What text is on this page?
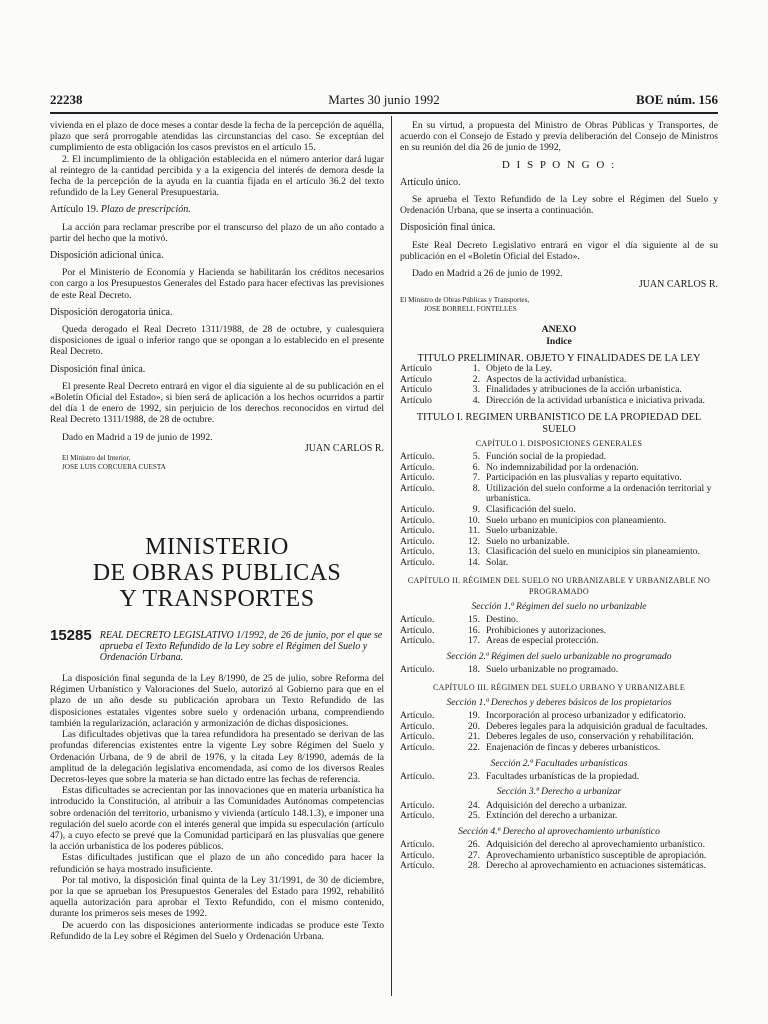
22238	Martes 30 junio 1992	BOE núm. 156

vivienda en el plazo de doce meses a contar desde la fecha de la percepción de aquélla, plazo que será prorrogable atendidas las circunstancias del caso. Se exceptúan del cumplimiento de esta obligación los casos previstos en el artículo 15.

2. El incumplimiento de la obligación establecida en el número anterior dará lugar al reintegro de la cantidad percibida y a la exigencia del interés de demora desde la fecha de la percepción de la ayuda en la cuantía fijada en el artículo 36.2 del texto refundido de la Ley General Presupuestaria.

Artículo 19. Plazo de prescripción.

La acción para reclamar prescribe por el transcurso del plazo de un año contado a partir del hecho que la motivó.

Disposición adicional única.

Por el Ministerio de Economía y Hacienda se habilitarán los créditos necesarios con cargo a los Presupuestos Generales del Estado para hacer efectivas las previsiones de este Real Decreto.

Disposición derogatoria única.

Queda derogado el Real Decreto 1311/1988, de 28 de octubre, y cualesquiera disposiciones de igual o inferior rango que se opongan a lo establecido en el presente Real Decreto.

Disposición final única.

El presente Real Decreto entrará en vigor el día siguiente al de su publicación en el «Boletín Oficial del Estado», si bien será de aplicación a los hechos ocurridos a partir del día 1 de enero de 1992, sin perjuicio de los derechos reconocidos en virtud del Real Decreto 1311/1988, de 28 de octubre.

Dado en Madrid a 19 de junio de 1992.

JUAN CARLOS R.

El Ministro del Interior,
JOSE LUIS CORCUERA CUESTA
MINISTERIO
DE OBRAS PUBLICAS
Y TRANSPORTES
15285 REAL DECRETO LEGISLATIVO 1/1992, de 26 de junio, por el que se aprueba el Texto Refundido de la Ley sobre el Régimen del Suelo y Ordenación Urbana.

La disposición final segunda de la Ley 8/1990, de 25 de julio, sobre Reforma del Régimen Urbanístico y Valoraciones del Suelo, autorizó al Gobierno para que en el plazo de un año desde su publicación aprobara un Texto Refundido de las disposiciones estatales vigentes sobre suelo y ordenación urbana, comprendiendo también la regularización, aclaración y armonización de dichas disposiciones.

Las dificultades objetivas que la tarea refundidora ha presentado se derivan de las profundas diferencias existentes entre la vigente Ley sobre Régimen del Suelo y Ordenación Urbana, de 9 de abril de 1976, y la citada Ley 8/1990, además de la amplitud de la delegación legislativa encomendada, así como de los diversos Reales Decretos-leyes que sobre la materia se han dictado entre las fechas de referencia.

Estas dificultades se acrecientan por las innovaciones que en materia urbanística ha introducido la Constitución, al atribuir a las Comunidades Autónomas competencias sobre ordenación del territorio, urbanismo y vivienda (artículo 148.1.3), e imponer una regulación del suelo acorde con el interés general que impida su especulación (artículo 47), a cuyo efecto se prevé que la Comunidad participará en las plusvalías que genere la acción urbanística de los poderes públicos.

Estas dificultades justifican que el plazo de un año concedido para hacer la refundición se haya mostrado insuficiente.

Por tal motivo, la disposición final quinta de la Ley 31/1991, de 30 de diciembre, por la que se aprueban los Presupuestos Generales del Estado para 1992, rehabilitó aquella autorización para aprobar el Texto Refundido, con el mismo contenido, durante los primeros seis meses de 1992.

De acuerdo con las disposiciones anteriormente indicadas se produce este Texto Refundido de la Ley sobre el Régimen del Suelo y Ordenación Urbana.

En su virtud, a propuesta del Ministro de Obras Públicas y Transportes, de acuerdo con el Consejo de Estado y previa deliberación del Consejo de Ministros en su reunión del día 26 de junio de 1992,

D I S P O N G O :

Artículo único.

Se aprueba el Texto Refundido de la Ley sobre el Régimen del Suelo y Ordenación Urbana, que se inserta a continuación.

Disposición final única.

Este Real Decreto Legislativo entrará en vigor el día siguiente al de su publicación en el «Boletín Oficial del Estado».

Dado en Madrid a 26 de junio de 1992.

JUAN CARLOS R.

El Ministro de Obras Públicas y Transportes,
JOSE BORRELL FONTELLES

ANEXO

Indice

TITULO PRELIMINAR. OBJETO Y FINALIDADES DE LA LEY

Artículo	1.	Objeto de la Ley.
Artículo	2.	Aspectos de la actividad urbanística.
Artículo	3.	Finalidades y atribuciones de la acción urbanística.
Artículo	4.	Dirección de la actividad urbanística e iniciativa privada.

TITULO I. REGIMEN URBANISTICO DE LA PROPIEDAD DEL SUELO

CAPÍTULO I. DISPOSICIONES GENERALES

Artículo.	5.	Función social de la propiedad.
Artículo.	6.	No indemnizabilidad por la ordenación.
Artículo.	7.	Participación en las plusvalías y reparto equitativo.
Artículo.	8.	Utilización del suelo conforme a la ordenación territorial y urbanística.
Artículo.	9.	Clasificación del suelo.
Artículo.	10.	Suelo urbano en municipios con planeamiento.
Artículo.	11.	Suelo urbanizable.
Artículo.	12.	Suelo no urbanizable.
Artículo.	13.	Clasificación del suelo en municipios sin planeamiento.
Artículo.	14.	Solar.

CAPÍTULO II. RÉGIMEN DEL SUELO NO URBANIZABLE Y URBANIZABLE NO PROGRAMADO

Sección 1.ª Régimen del suelo no urbanizable

Artículo.	15.	Destino.
Artículo.	16.	Prohibiciones y autorizaciones.
Artículo.	17.	Areas de especial protección.

Sección 2.ª Régimen del suelo urbanizable no programado

Artículo.	18.	Suelo urbanizable no programado.

CAPÍTULO III. RÉGIMEN DEL SUELO URBANO Y URBANIZABLE

Sección 1.ª Derechos y deberes básicos de los propietarios

Artículo.	19.	Incorporación al proceso urbanizador y edificatorio.
Artículo.	20.	Deberes legales para la adquisición gradual de facultades.
Artículo.	21.	Deberes legales de uso, conservación y rehabilitación.
Artículo.	22.	Enajenación de fincas y deberes urbanísticos.

Sección 2.ª Facultades urbanísticas

Artículo.	23.	Facultades urbanísticas de la propiedad.

Sección 3.ª Derecho a urbanizar

Artículo.	24.	Adquisición del derecho a urbanizar.
Artículo.	25.	Extinción del derecho a urbanizar.

Sección 4.ª Derecho al aprovechamiento urbanístico

Artículo.	26.	Adquisición del derecho al aprovechamiento urbanístico.
Artículo.	27.	Aprovechamiento urbanístico susceptible de apropiación.
Artículo.	28.	Derecho al aprovechamiento en actuaciones sistemáticas.
